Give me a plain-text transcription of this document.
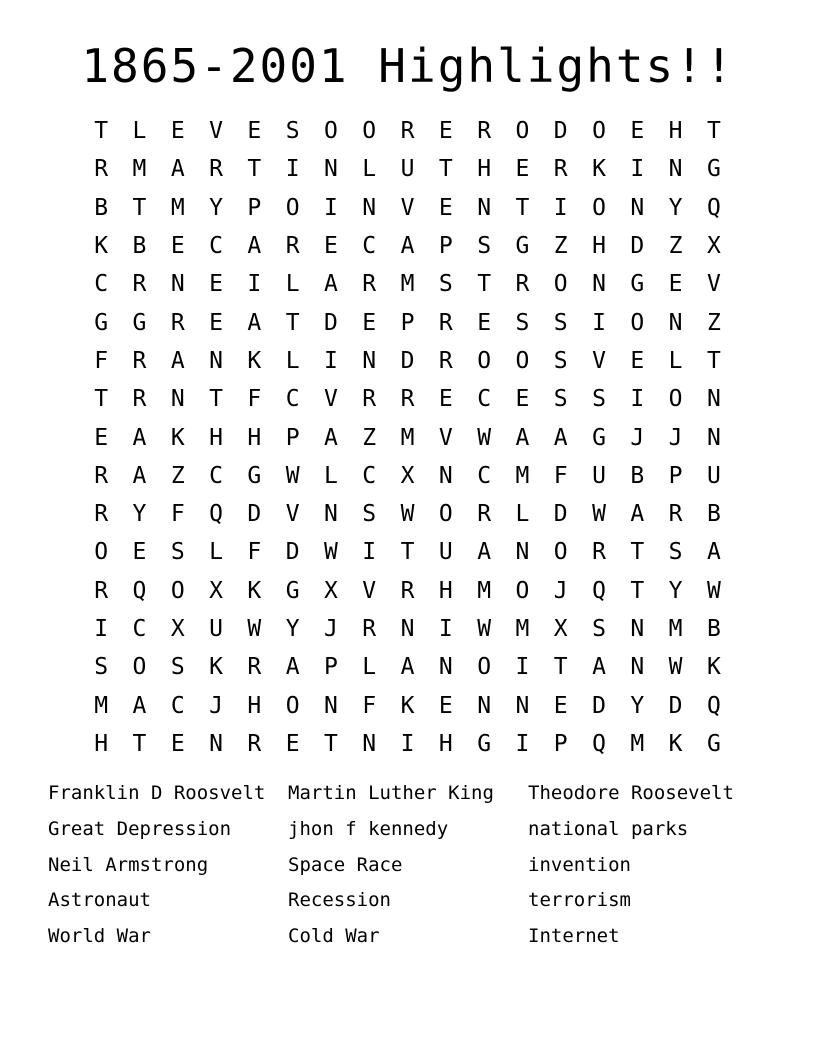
1865-2001 Highlights!!
T	L	E	V	E	S	O	O	R	E	R	O	D	O	E	H	T
R	M	A	R	T	I	N	L	U	T	H	E	R	K	I	N	G
B	T	M	Y	P	O	I	N	V	E	N	T	I	O	N	Y	Q
K	B	E	C	A	R	E	C	A	P	S	G	Z	H	D	Z	X
C	R	N	E	I	L	A	R	M	S	T	R	O	N	G	E	V
G	G	R	E	A	T	D	E	P	R	E	S	S	I	O	N	Z
F	R	A	N	K	L	I	N	D	R	O	O	S	V	E	L	T
T	R	N	T	F	C	V	R	R	E	C	E	S	S	I	O	N
E	A	K	H	H	P	A	Z	M	V	W	A	A	G	J	J	N
R	A	Z	C	G	W	L	C	X	N	C	M	F	U	B	P	U
R	Y	F	Q	D	V	N	S	W	O	R	L	D	W	A	R	B
O	E	S	L	F	D	W	I	T	U	A	N	O	R	T	S	A
R	Q	O	X	K	G	X	V	R	H	M	O	J	Q	T	Y	W
I	C	X	U	W	Y	J	R	N	I	W	M	X	S	N	M	B
S	O	S	K	R	A	P	L	A	N	O	I	T	A	N	W	K
M	A	C	J	H	O	N	F	K	E	N	N	E	D	Y	D	Q
H	T	E	N	R	E	T	N	I	H	G	I	P	Q	M	K	G
Franklin D Roosvelt
Great Depression
Neil Armstrong
Astronaut
World War
Martin Luther King
jhon f kennedy
Space Race
Recession
Cold War
Theodore Roosevelt
national parks
invention
terrorism
Internet
